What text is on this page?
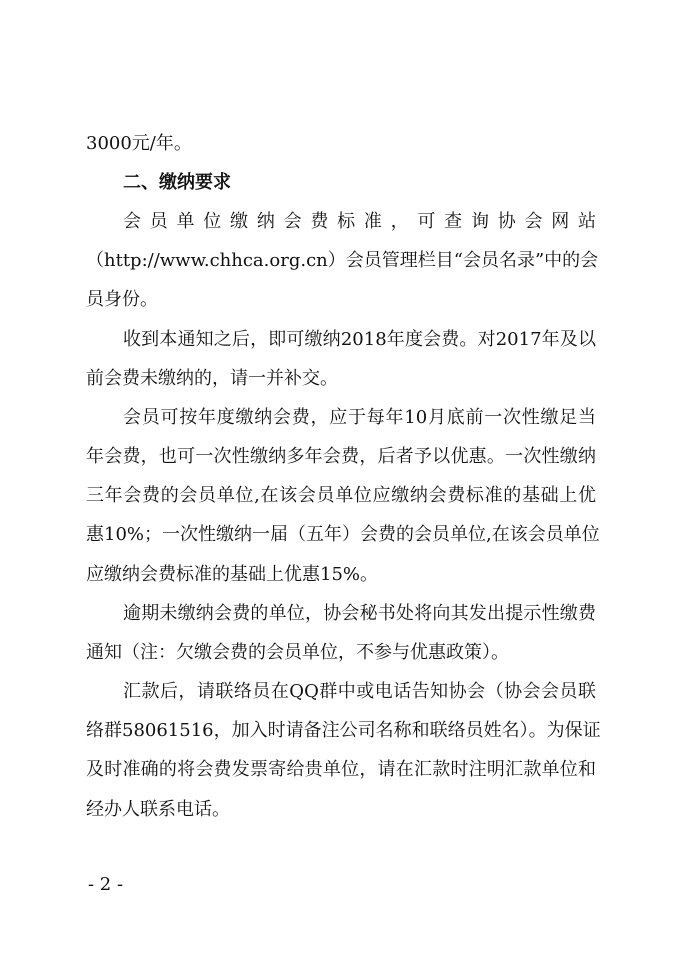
3000元/年。

二、缴纳要求

会员单位缴纳会费标准，可查询协会网站

（http://www.chhca.org.cn）会员管理栏目“会员名录”中的会

员身份。

收到本通知之后，即可缴纳2018年度会费。对2017年及以

前会费未缴纳的，请一并补交。

会员可按年度缴纳会费，应于每年10月底前一次性缴足当

年会费，也可一次性缴纳多年会费，后者予以优惠。一次性缴纳

三年会费的会员单位,在该会员单位应缴纳会费标准的基础上优

惠10%；一次性缴纳一届（五年）会费的会员单位,在该会员单位

应缴纳会费标准的基础上优惠15%。

逾期未缴纳会费的单位，协会秘书处将向其发出提示性缴费

通知（注：欠缴会费的会员单位，不参与优惠政策）。

汇款后，请联络员在QQ群中或电话告知协会（协会会员联

络群58061516，加入时请备注公司名称和联络员姓名）。为保证

及时准确的将会费发票寄给贵单位，请在汇款时注明汇款单位和

经办人联系电话。

- 2 -
